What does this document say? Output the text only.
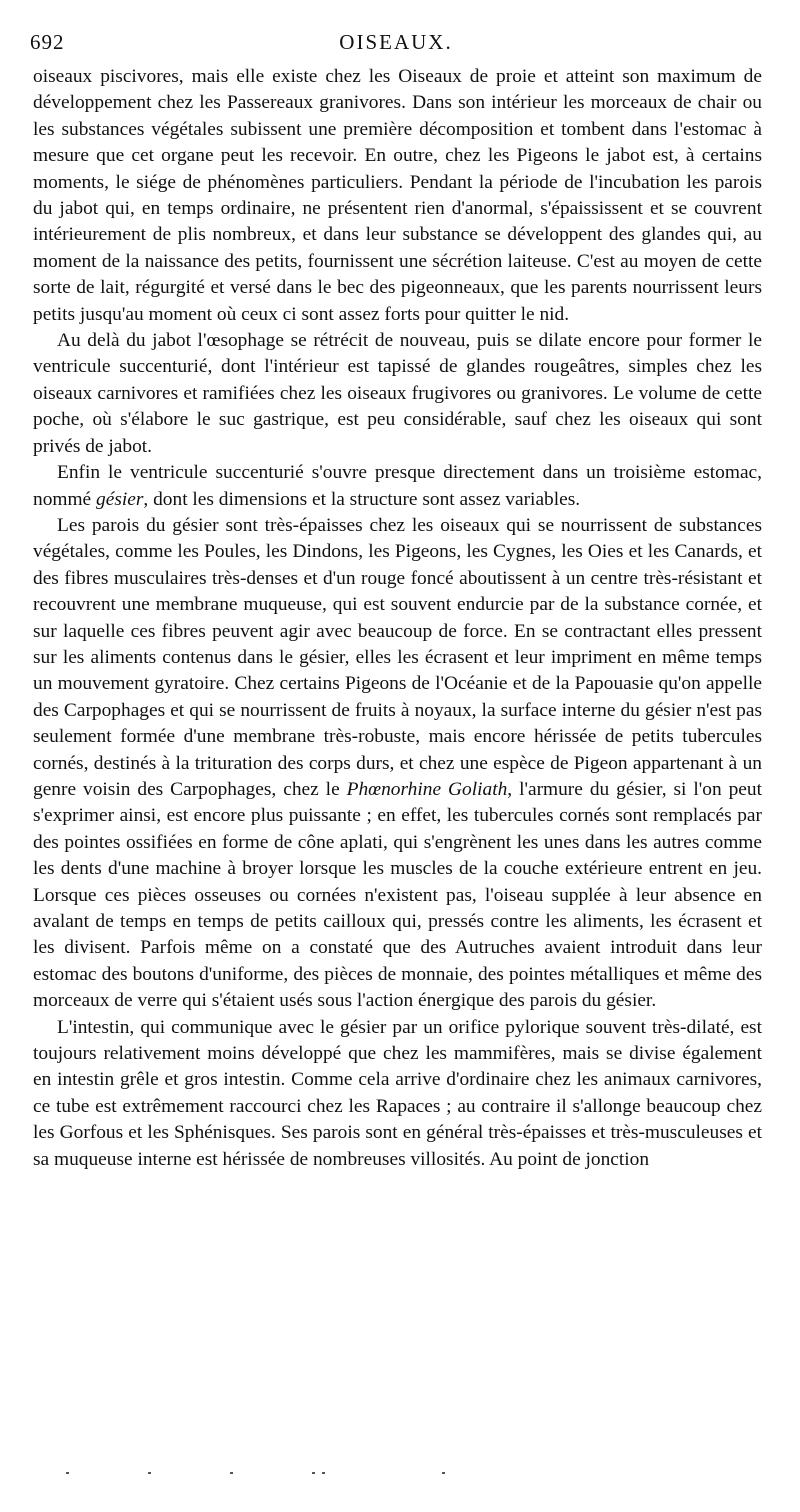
692	OISEAUX.

oiseaux piscivores, mais elle existe chez les Oiseaux de proie et atteint son maximum de développement chez les Passereaux granivores. Dans son intérieur les morceaux de chair ou les substances végétales subissent une première décomposition et tombent dans l'estomac à mesure que cet organe peut les recevoir. En outre, chez les Pigeons le jabot est, à certains moments, le siége de phénomènes particuliers. Pendant la période de l'incubation les parois du jabot qui, en temps ordinaire, ne présentent rien d'anormal, s'épaississent et se couvrent intérieurement de plis nombreux, et dans leur substance se développent des glandes qui, au moment de la naissance des petits, fournissent une sécrétion laiteuse. C'est au moyen de cette sorte de lait, régurgité et versé dans le bec des pigeonneaux, que les parents nourrissent leurs petits jusqu'au moment où ceux ci sont assez forts pour quitter le nid.

Au delà du jabot l'œsophage se rétrécit de nouveau, puis se dilate encore pour former le ventricule succenturié, dont l'intérieur est tapissé de glandes rougeâtres, simples chez les oiseaux carnivores et ramifiées chez les oiseaux frugivores ou granivores. Le volume de cette poche, où s'élabore le suc gastrique, est peu considérable, sauf chez les oiseaux qui sont privés de jabot.

Enfin le ventricule succenturié s'ouvre presque directement dans un troisième estomac, nommé gésier, dont les dimensions et la structure sont assez variables.

Les parois du gésier sont très-épaisses chez les oiseaux qui se nourrissent de substances végétales, comme les Poules, les Dindons, les Pigeons, les Cygnes, les Oies et les Canards, et des fibres musculaires très-denses et d'un rouge foncé aboutissent à un centre très-résistant et recouvrent une membrane muqueuse, qui est souvent endurcie par de la substance cornée, et sur laquelle ces fibres peuvent agir avec beaucoup de force. En se contractant elles pressent sur les aliments contenus dans le gésier, elles les écrasent et leur impriment en même temps un mouvement gyratoire. Chez certains Pigeons de l'Océanie et de la Papouasie qu'on appelle des Carpophages et qui se nourrissent de fruits à noyaux, la surface interne du gésier n'est pas seulement formée d'une membrane très-robuste, mais encore hérissée de petits tubercules cornés, destinés à la trituration des corps durs, et chez une espèce de Pigeon appartenant à un genre voisin des Carpophages, chez le Phœnorhine Goliath, l'armure du gésier, si l'on peut s'exprimer ainsi, est encore plus puissante ; en effet, les tubercules cornés sont remplacés par des pointes ossifiées en forme de cône aplati, qui s'engrènent les unes dans les autres comme les dents d'une machine à broyer lorsque les muscles de la couche extérieure entrent en jeu. Lorsque ces pièces osseuses ou cornées n'existent pas, l'oiseau supplée à leur absence en avalant de temps en temps de petits cailloux qui, pressés contre les aliments, les écrasent et les divisent. Parfois même on a constaté que des Autruches avaient introduit dans leur estomac des boutons d'uniforme, des pièces de monnaie, des pointes métalliques et même des morceaux de verre qui s'étaient usés sous l'action énergique des parois du gésier.

L'intestin, qui communique avec le gésier par un orifice pylorique souvent très-dilaté, est toujours relativement moins développé que chez les mammifères, mais se divise également en intestin grêle et gros intestin. Comme cela arrive d'ordinaire chez les animaux carnivores, ce tube est extrêmement raccourci chez les Rapaces ; au contraire il s'allonge beaucoup chez les Gorfous et les Sphénisques. Ses parois sont en général très-épaisses et très-musculeuses et sa muqueuse interne est hérissée de nombreuses villosités. Au point de jonction
